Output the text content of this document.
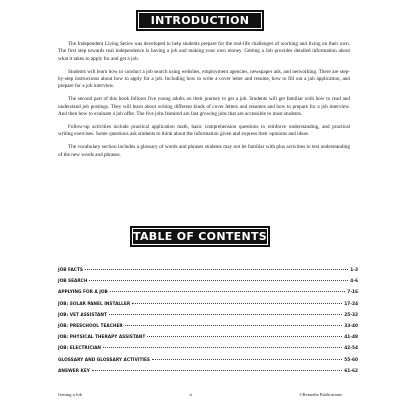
INTRODUCTION

The Independent Living Series was developed to help students prepare for the real-life challenges of working and living on their own. The first step towards real independence is having a job and making your own money. Getting a Job provides detailed information about what it takes to apply for and get a job.

Students will learn how to conduct a job search using websites, employment agencies, newspaper ads, and networking. There are step-by-step instructions about how to apply for a job. Including how to write a cover letter and resume, how to fill out a job application, and prepare for a job interview.

The second part of this book follows five young adults on their journey to get a job. Students will get familiar with how to read and understand job postings. They will learn about writing different kinds of cover letters and resumes and how to prepare for a job interview. And then how to evaluate a job offer. The five jobs featured are fast growing jobs that are accessible to most students.

Follow-up activities include practical application math, basic comprehension questions to reinforce understanding, and practical writing exercises. Some questions ask students to think about the information given and express their opinions and ideas.

The vocabulary section includes a glossary of words and phrases students may not be familiar with plus activities to test understanding of the new words and phrases.

TABLE OF CONTENTS
JOB FACTS	1-3
JOB SEARCH	4-6
APPLYING FOR A JOB	7-16
JOB: SOLAR PANEL INSTALLER	17-24
JOB: VET ASSISTANT	25-32
JOB: PRESCHOOL TEACHER	33-40
JOB: PHYSICAL THERAPY ASSISTANT	41-48
JOB: ELECTRICIAN	42-54
GLOSSARY AND GLOSSARY ACTIVITIES	55-60
ANSWER KEY	61-62
Getting a Job	ii	©Remedia Publications
